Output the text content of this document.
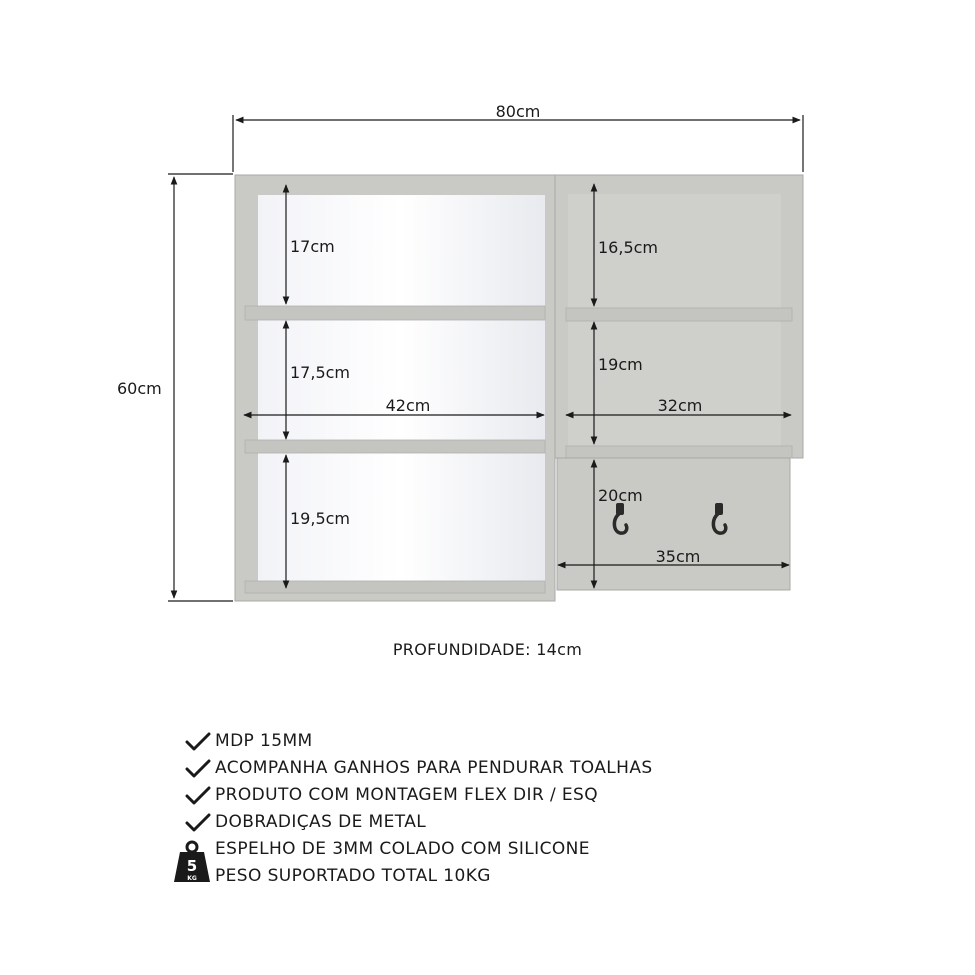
80cm
60cm
17cm
17,5cm
19,5cm
42cm
16,5cm
19cm
32cm
20cm
35cm
PROFUNDIDADE: 14cm
MDP 15MM
ACOMPANHA GANHOS PARA PENDURAR TOALHAS
PRODUTO COM MONTAGEM FLEX DIR / ESQ
DOBRADIÇAS DE METAL
ESPELHO DE 3MM COLADO COM SILICONE
PESO SUPORTADO TOTAL 10KG
5
KG
